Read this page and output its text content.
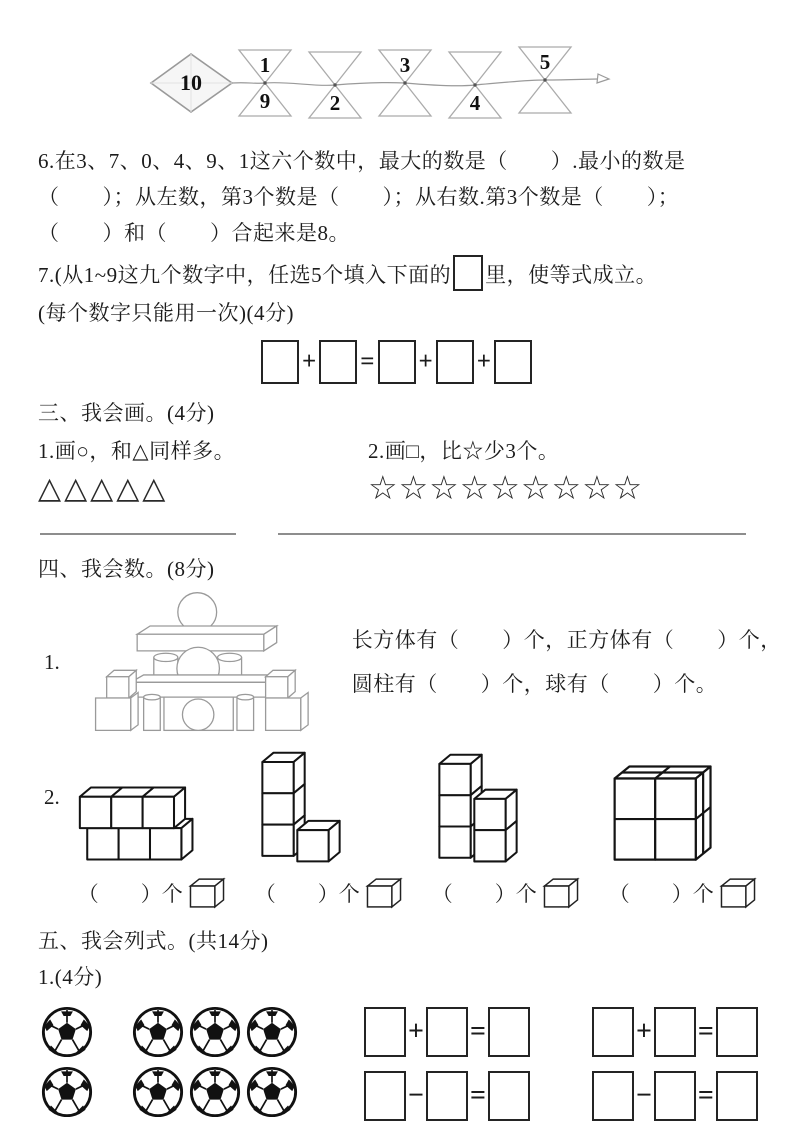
10
1
9	2
3
4
5

6.在3、7、0、4、9、1这六个数中，最大的数是（　　）.最小的数是

（　　）；从左数，第3个数是（　　）；从右数.第3个数是（　　）；

（　　）和（　　）合起来是8。

7.(从1~9这九个数字中，任选5个填入下面的 里，使等式成立。

(每个数字只能用一次)(4分)

+ = + +

三、我会画。(4分)

1.画○，和△同样多。

△△△△△

2.画□，比☆少3个。

☆☆☆☆☆☆☆☆☆

四、我会数。(8分)

1.

长方体有（　　）个，正方体有（　　）个，

圆柱有（　　）个，球有（　　）个。

2.
（　　）个	（　　）个	（　　）个	（　　）个

五、我会列式。(共14分)

1.(4分)

+ =
− =
+ =
− =
